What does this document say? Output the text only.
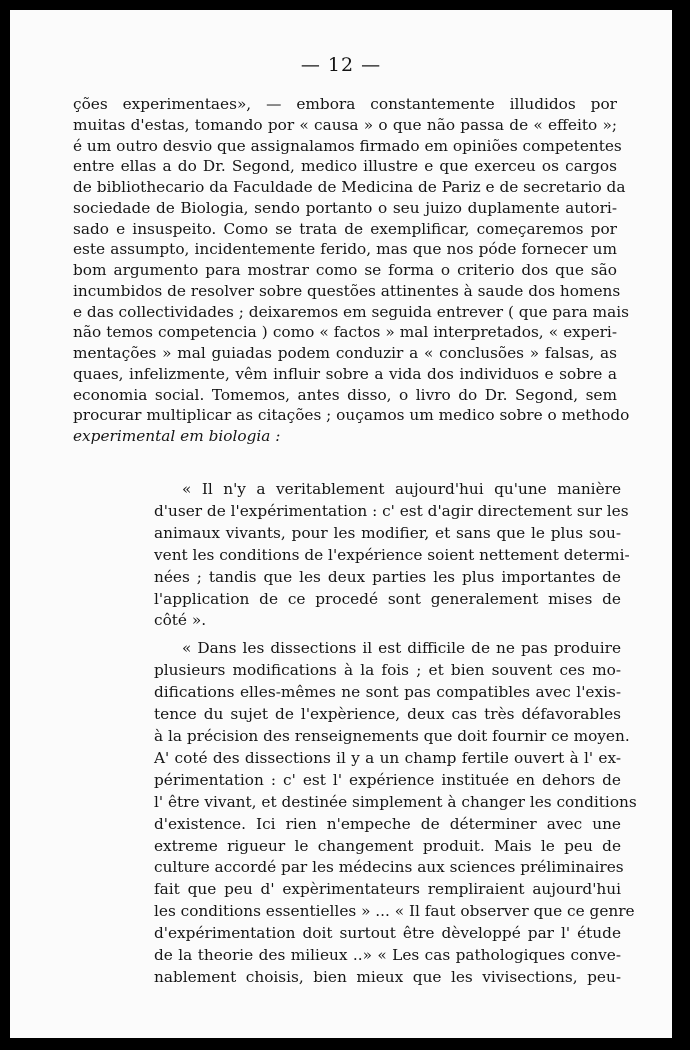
— 12 —
ções experimentaes», — embora constantemente illudidos por
muitas d'estas, tomando por « causa » o que não passa de « effeito »;
é um outro desvio que assignalamos firmado em opiniões competentes
entre ellas a do Dr. Segond, medico illustre e que exerceu os cargos
de bibliothecario da Faculdade de Medicina de Pariz e de secretario da
sociedade de Biologia, sendo portanto o seu juizo duplamente autori-
sado e insuspeito. Como se trata de exemplificar, começaremos por
este assumpto, incidentemente ferido, mas que nos póde fornecer um
bom argumento para mostrar como se forma o criterio dos que são
incumbidos de resolver sobre questões attinentes à saude dos homens
e das collectividades ; deixaremos em seguida entrever ( que para mais
não temos competencia ) como « factos » mal interpretados, « experi-
mentações » mal guiadas podem conduzir a « conclusões » falsas, as
quaes, infelizmente, vêm influir sobre a vida dos individuos e sobre a
economia social. Tomemos, antes disso, o livro do Dr. Segond, sem
procurar multiplicar as citações ; ouçamos um medico sobre o methodo
experimental em biologia :
« Il n'y a veritablement aujourd'hui qu'une manière
d'user de l'expérimentation : c' est d'agir directement sur les
animaux vivants, pour les modifier, et sans que le plus sou-
vent les conditions de l'expérience soient nettement determi-
nées ; tandis que les deux parties les plus importantes de
l'application de ce procedé sont generalement mises de
côté ».
« Dans les dissections il est difficile de ne pas produire
plusieurs modifications à la fois ; et bien souvent ces mo-
difications elles-mêmes ne sont pas compatibles avec l'exis-
tence du sujet de l'expèrience, deux cas très défavorables
à la précision des renseignements que doit fournir ce moyen.
A' coté des dissections il y a un champ fertile ouvert à l' ex-
périmentation : c' est l' expérience instituée en dehors de
l' être vivant, et destinée simplement à changer les conditions
d'existence. Ici rien n'empeche de déterminer avec une
extreme rigueur le changement produit. Mais le peu de
culture accordé par les médecins aux sciences préliminaires
fait que peu d' expèrimentateurs rempliraient aujourd'hui
les conditions essentielles » ... « Il faut observer que ce genre
d'expérimentation doit surtout être dèveloppé par l' étude
de la theorie des milieux ..» « Les cas pathologiques conve-
nablement choisis, bien mieux que les vivisections, peu-
